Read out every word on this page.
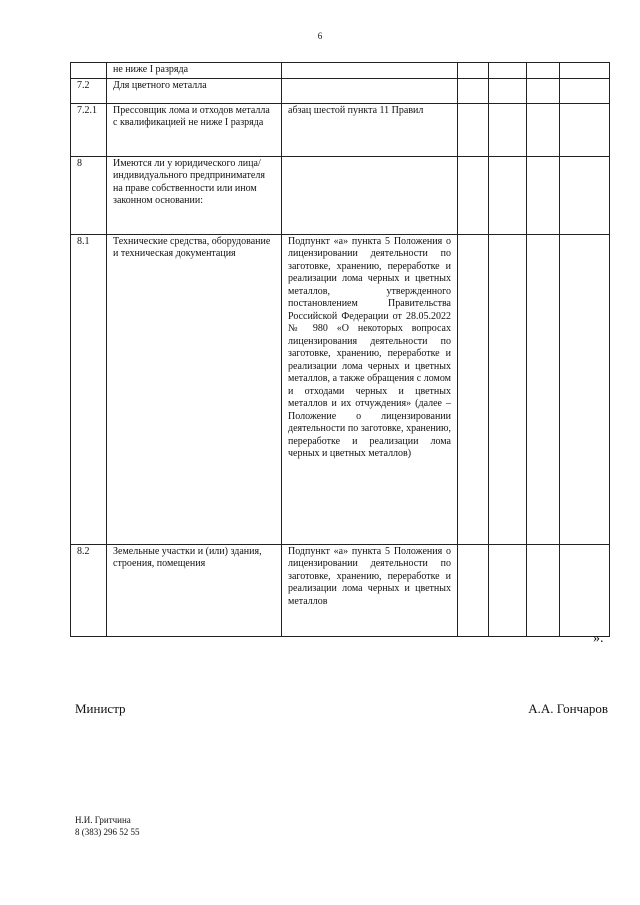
6
	не ниже I разряда					
7.2	Для цветного металла					
7.2.1	Прессовщик лома и отходов металла с квалификацией не ниже I разряда	абзац шестой пункта 11 Правил				
8	Имеются ли у юридического лица/индивидуального предпринимателя на праве собственности или ином законном основании:					
8.1	Технические средства, оборудование и техническая документация	Подпункт «а» пункта 5 Положения о лицензировании деятельности по заготовке, хранению, переработке и реализации лома черных и цветных металлов, утвержденного постановлением Правительства Российской Федерации от 28.05.2022 № 980 «О некоторых вопросах лицензирования деятельности по заготовке, хранению, переработке и реализации лома черных и цветных металлов, а также обращения с ломом и отходами черных и цветных металлов и их отчуждения» (далее – Положение о лицензировании деятельности по заготовке, хранению, переработке и реализации лома черных и цветных металлов)				
8.2	Земельные участки и (или) здания, строения, помещения	Подпункт «а» пункта 5 Положения о лицензировании деятельности по заготовке, хранению, переработке и реализации лома черных и цветных металлов				
».
Министр	А.А. Гончаров
Н.И. Гритчина
8 (383) 296 52 55
